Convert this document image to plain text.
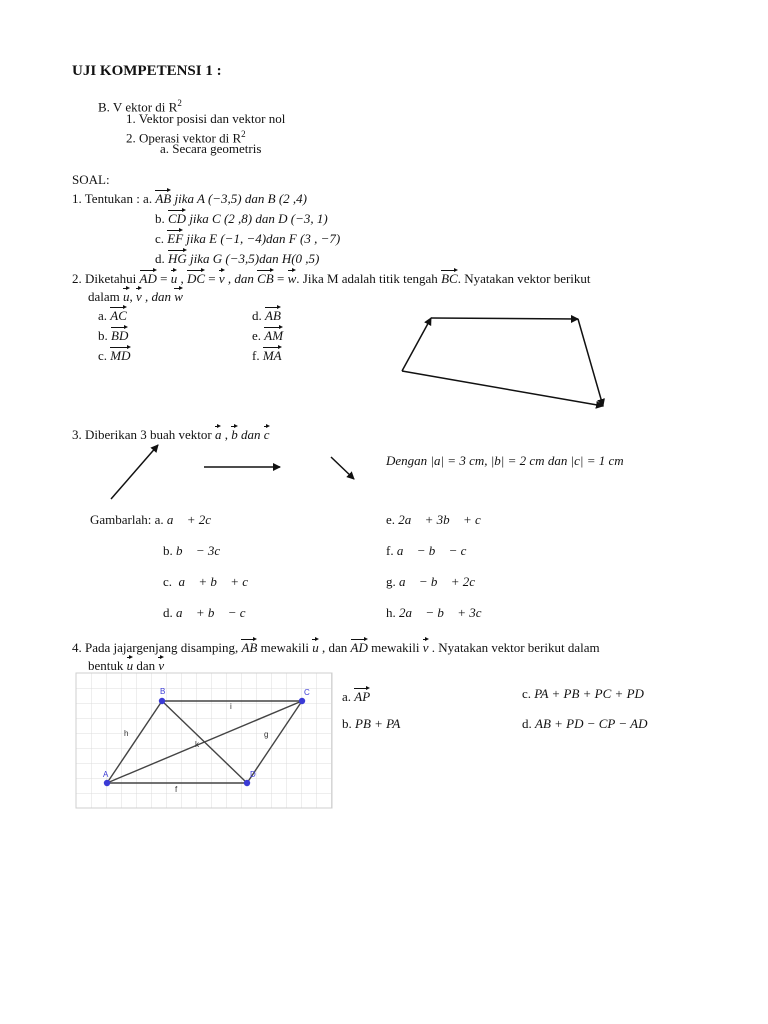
UJI KOMPETENSI 1 :
B. V ektor di $R^2$
1. Vektor posisi dan vektor nol
2. Operasi vektor di $R^2$
a. Secara geometris
SOAL:
1. Tentukan : a. AB jika A (−3,5) dan B (2 ,4)
b. CD jika C (2 ,8) dan D (−3, 1)
c. EF jika E (−1, −4)dan F (3 , −7)
d. HG jika G (−3,5)dan H(0 ,5)
2. Diketahui AD = u , DC = v , dan CB = w. Jika M adalah titik tengah BC. Nyatakan vektor berikut
dalam u, v , dan w
a. AC
b. BD
c. MD
d. AB
e. AM
f. MA
3. Diberikan 3 buah vektor a , b dan c
Dengan |a| = 3 cm, |b| = 2 cm dan |c| = 1 cm
Gambarlah: a. a⃗ + 2c⃗
b. b⃗ − 3c⃗
c. a⃗ + b⃗ + c⃗
d. a⃗ + b⃗ − c⃗
e. 2a⃗ + 3b⃗ + c⃗
f. a⃗ − b⃗ − c⃗
g. a⃗ − b⃗ + 2c⃗
h. 2a⃗ − b⃗ + 3c⃗
4. Pada jajargenjang disamping, AB mewakili u , dan AD mewakili v . Nyatakan vektor berikut dalam
bentuk u dan v
A
B	C
D
h
i
g
f
k
a. AP
b. PB + PA
c. PA + PB + PC + PD
d. AB + PD − CP − AD
